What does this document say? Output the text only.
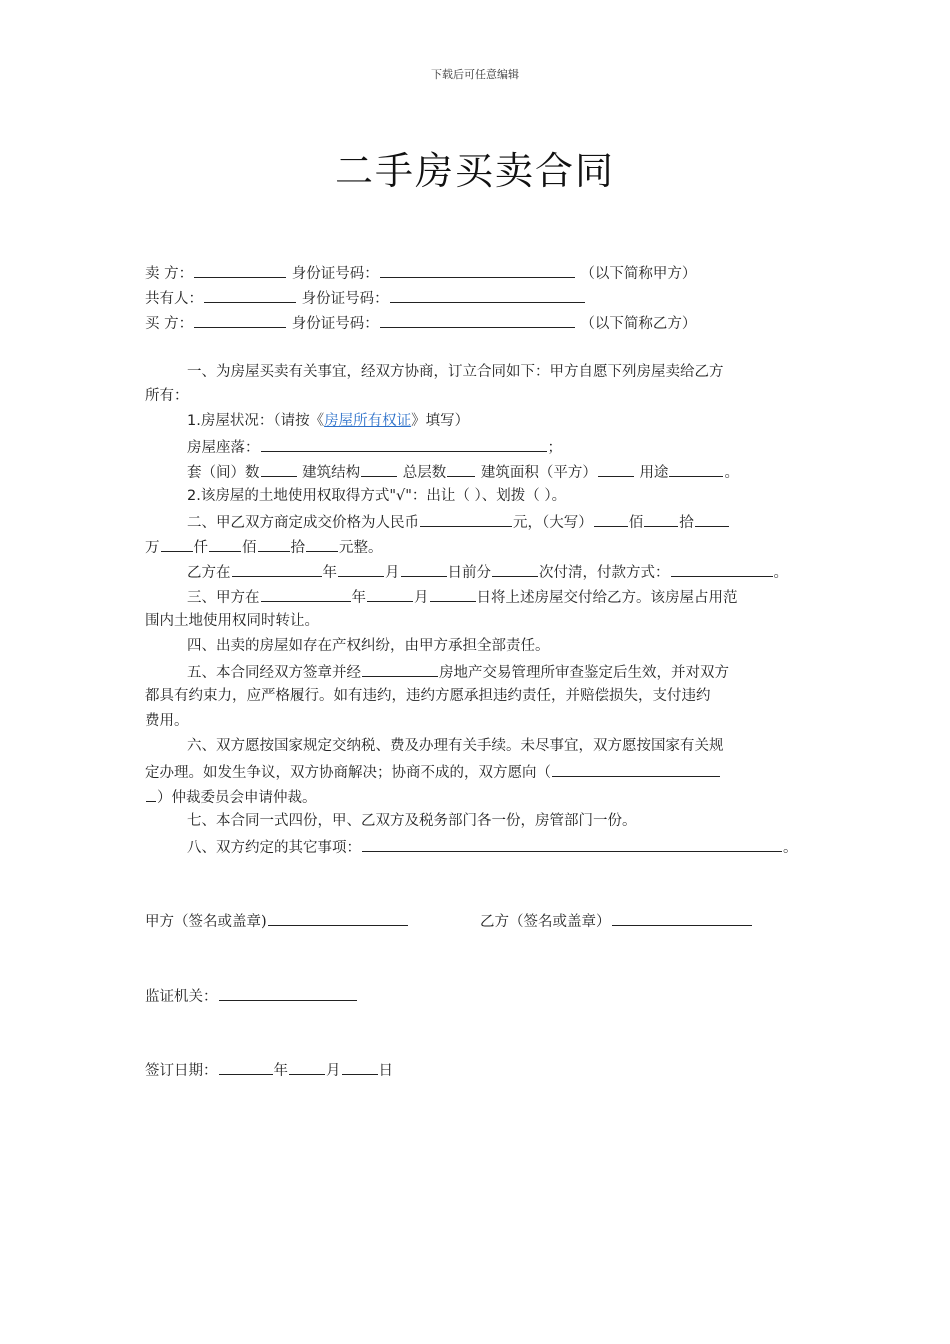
下载后可任意编辑
二手房买卖合同
卖 方：	身份证号码：	（以下简称甲方）
共有人：	身份证号码：
买 方：	身份证号码：	（以下简称乙方）
一、为房屋买卖有关事宜，经双方协商，订立合同如下：甲方自愿下列房屋卖给乙方
所有：
1.房屋状况：（请按《房屋所有权证》填写）
房屋座落：	；
套（间）数	建筑结构	总层数 建筑面积（平方）	用途	。
2.该房屋的土地使用权取得方式"√"：出让（ ）、划拨（ ）。
二、甲乙双方商定成交价格为人民币	元，（大写） 佰 拾
万 仟 佰 拾 元整。
乙方在	年	月	日前分	次付清，付款方式：	。
三、甲方在	年	月	日将上述房屋交付给乙方。该房屋占用范
围内土地使用权同时转让。
四、出卖的房屋如存在产权纠纷，由甲方承担全部责任。
五、本合同经双方签章并经	房地产交易管理所审查鉴定后生效，并对双方
都具有约束力，应严格履行。如有违约，违约方愿承担违约责任，并赔偿损失，支付违约
费用。
六、双方愿按国家规定交纳税、费及办理有关手续。未尽事宜，双方愿按国家有关规
定办理。如发生争议，双方协商解决；协商不成的，双方愿向（
）仲裁委员会申请仲裁。
七、本合同一式四份，甲、乙双方及税务部门各一份，房管部门一份。
八、双方约定的其它事项：	。
甲方（签名或盖章)	乙方（签名或盖章）
监证机关：
签订日期：	年	月	日
